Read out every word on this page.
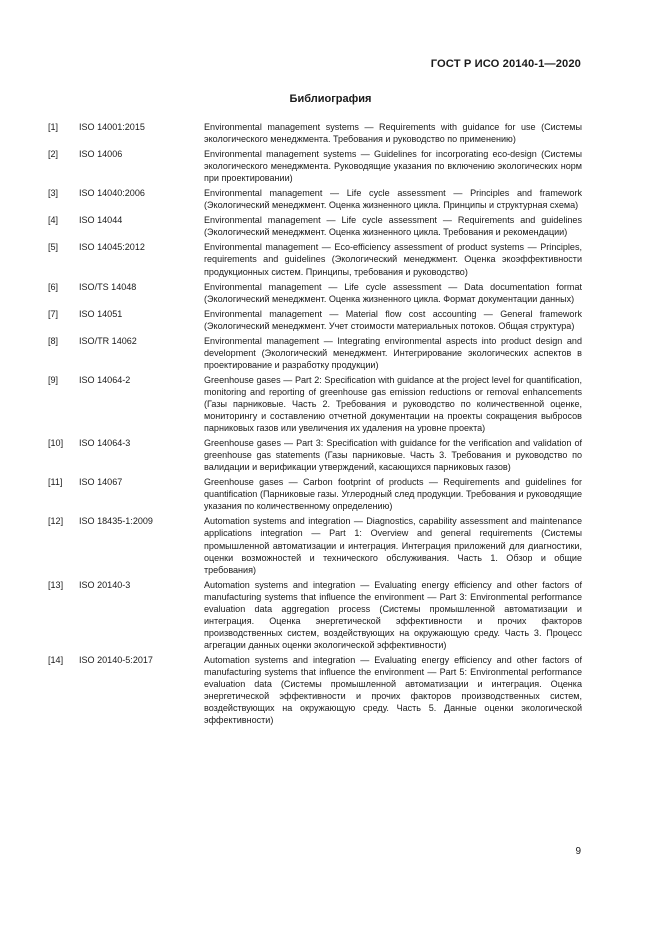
ГОСТ Р ИСО 20140-1—2020
Библиография
[1]	ISO 14001:2015	Environmental management systems — Requirements with guidance for use (Системы экологического менеджмента. Требования и руководство по применению)
[2]	ISO 14006	Environmental management systems — Guidelines for incorporating eco-design (Системы экологического менеджмента. Руководящие указания по включению экологических норм при проектировании)
[3]	ISO 14040:2006	Environmental management — Life cycle assessment — Principles and framework (Экологический менеджмент. Оценка жизненного цикла. Принципы и структурная схема)
[4]	ISO 14044	Environmental management — Life cycle assessment — Requirements and guidelines (Экологический менеджмент. Оценка жизненного цикла. Требования и рекомендации)
[5]	ISO 14045:2012	Environmental management — Eco-efficiency assessment of product systems — Principles, requirements and guidelines (Экологический менеджмент. Оценка экоэффективности продукционных систем. Принципы, требования и руководство)
[6]	ISO/TS 14048	Environmental management — Life cycle assessment — Data documentation format (Экологический менеджмент. Оценка жизненного цикла. Формат документации данных)
[7]	ISO 14051	Environmental management — Material flow cost accounting — General framework (Экологический менеджмент. Учет стоимости материальных потоков. Общая структура)
[8]	ISO/TR 14062	Environmental management — Integrating environmental aspects into product design and development (Экологический менеджмент. Интегрирование экологических аспектов в проектирование и разработку продукции)
[9]	ISO 14064-2	Greenhouse gases — Part 2: Specification with guidance at the project level for quantification, monitoring and reporting of greenhouse gas emission reductions or removal enhancements (Газы парниковые. Часть 2. Требования и руководство по количественной оценке, мониторингу и составлению отчетной документации на проекты сокращения выбросов парниковых газов или увеличения их удаления на уровне проекта)
[10]	ISO 14064-3	Greenhouse gases — Part 3: Specification with guidance for the verification and validation of greenhouse gas statements (Газы парниковые. Часть 3. Требования и руководство по валидации и верификации утверждений, касающихся парниковых газов)
[11]	ISO 14067	Greenhouse gases — Carbon footprint of products — Requirements and guidelines for quantification (Парниковые газы. Углеродный след продукции. Требования и руководящие указания по количественному определению)
[12]	ISO 18435-1:2009	Automation systems and integration — Diagnostics, capability assessment and maintenance applications integration — Part 1: Overview and general requirements (Системы промышленной автоматизации и интеграция. Интеграция приложений для диагностики, оценки возможностей и технического обслуживания. Часть 1. Обзор и общие требования)
[13]	ISO 20140-3	Automation systems and integration — Evaluating energy efficiency and other factors of manufacturing systems that influence the environment — Part 3: Environmental performance evaluation data aggregation process (Системы промышленной автоматизации и интеграция. Оценка энергетической эффективности и прочих факторов производственных систем, воздействующих на окружающую среду. Часть 3. Процесс агрегации данных оценки экологической эффективности)
[14]	ISO 20140-5:2017	Automation systems and integration — Evaluating energy efficiency and other factors of manufacturing systems that influence the environment — Part 5: Environmental performance evaluation data (Системы промышленной автоматизации и интеграция. Оценка энергетической эффективности и прочих факторов производственных систем, воздействующих на окружающую среду. Часть 5. Данные оценки экологической эффективности)
9
